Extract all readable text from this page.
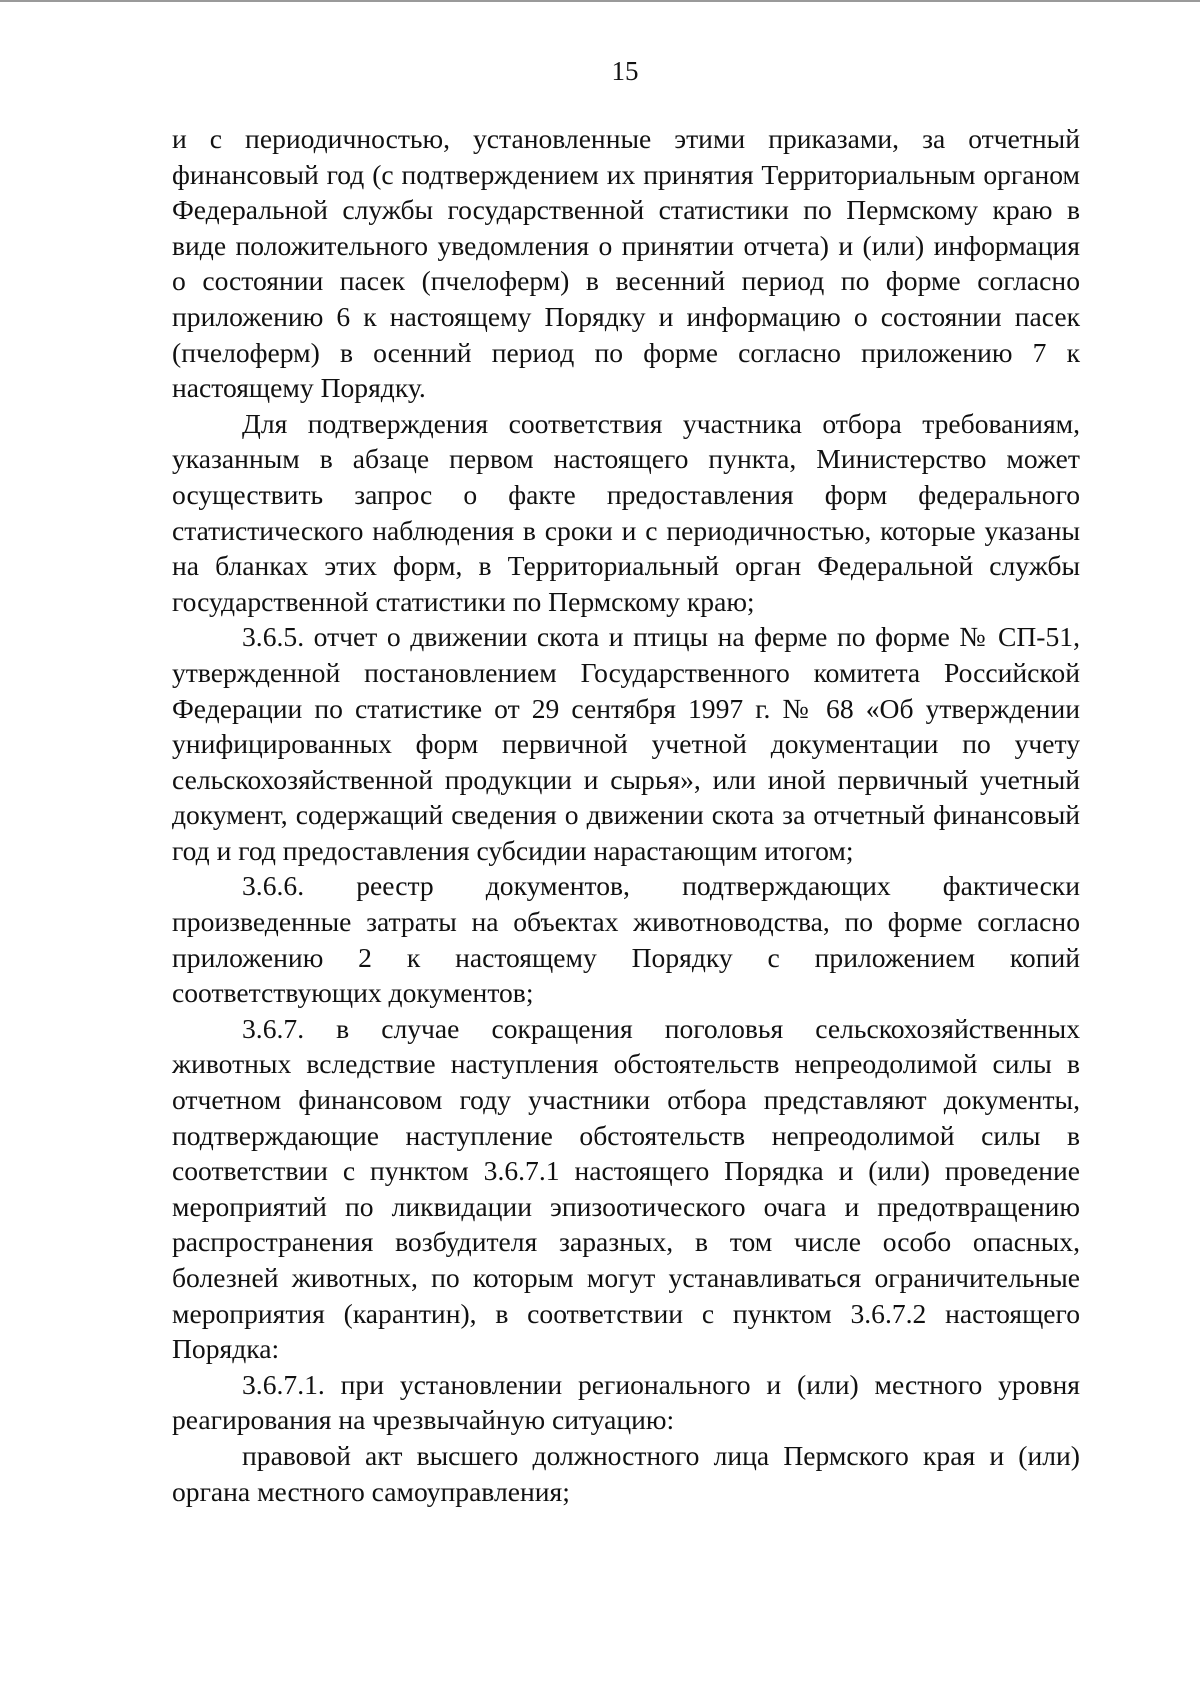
15

и с периодичностью, установленные этими приказами, за отчетный финансовый год (с подтверждением их принятия Территориальным органом Федеральной службы государственной статистики по Пермскому краю в виде положительного уведомления о принятии отчета) и (или) информация о состоянии пасек (пчелоферм) в весенний период по форме согласно приложению 6 к настоящему Порядку и информацию о состоянии пасек (пчелоферм) в осенний период по форме согласно приложению 7 к настоящему Порядку.

Для подтверждения соответствия участника отбора требованиям, указанным в абзаце первом настоящего пункта, Министерство может осуществить запрос о факте предоставления форм федерального статистического наблюдения в сроки и с периодичностью, которые указаны на бланках этих форм, в Территориальный орган Федеральной службы государственной статистики по Пермскому краю;

3.6.5. отчет о движении скота и птицы на ферме по форме № СП-51, утвержденной постановлением Государственного комитета Российской Федерации по статистике от 29 сентября 1997 г. № 68 «Об утверждении унифицированных форм первичной учетной документации по учету сельскохозяйственной продукции и сырья», или иной первичный учетный документ, содержащий сведения о движении скота за отчетный финансовый год и год предоставления субсидии нарастающим итогом;

3.6.6. реестр документов, подтверждающих фактически произведенные затраты на объектах животноводства, по форме согласно приложению 2 к настоящему Порядку с приложением копий соответствующих документов;

3.6.7. в случае сокращения поголовья сельскохозяйственных животных вследствие наступления обстоятельств непреодолимой силы в отчетном финансовом году участники отбора представляют документы, подтверждающие наступление обстоятельств непреодолимой силы в соответствии с пунктом 3.6.7.1 настоящего Порядка и (или) проведение мероприятий по ликвидации эпизоотического очага и предотвращению распространения возбудителя заразных, в том числе особо опасных, болезней животных, по которым могут устанавливаться ограничительные мероприятия (карантин), в соответствии с пунктом 3.6.7.2 настоящего Порядка:

3.6.7.1. при установлении регионального и (или) местного уровня реагирования на чрезвычайную ситуацию:

правовой акт высшего должностного лица Пермского края и (или) органа местного самоуправления;
